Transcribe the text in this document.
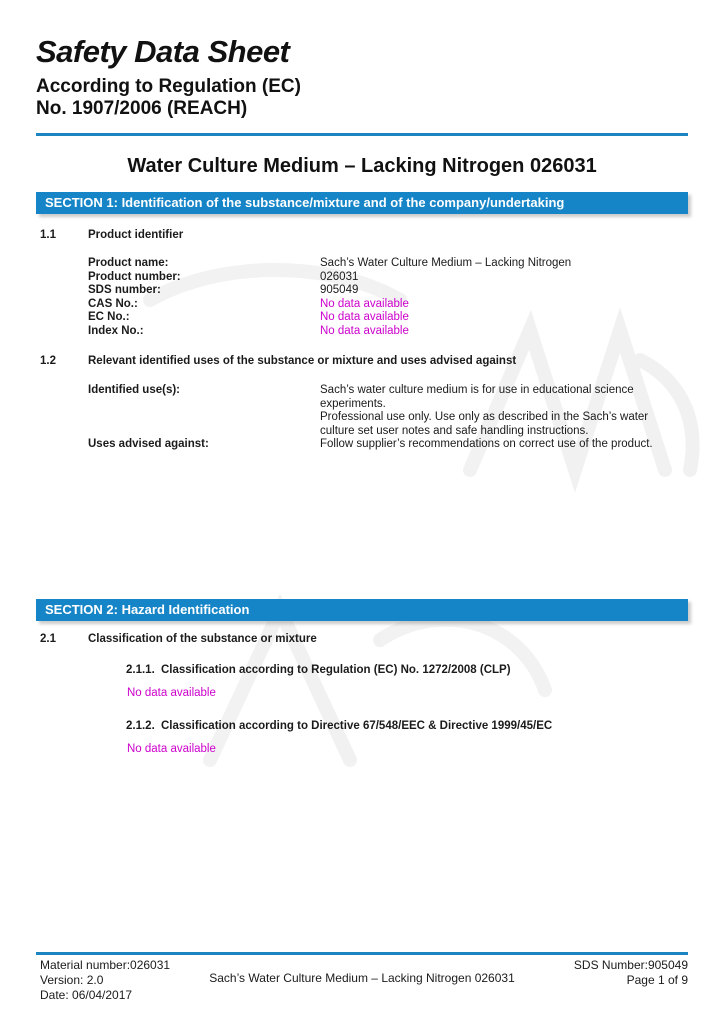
Safety Data Sheet
According to Regulation (EC)
No. 1907/2006 (REACH)
Water Culture Medium – Lacking Nitrogen 026031
SECTION 1: Identification of the substance/mixture and of the company/undertaking
1.1	Product identifier
Product name:	Sach’s Water Culture Medium – Lacking Nitrogen
Product number:	026031
SDS number:	905049
CAS No.:	No data available
EC No.:	No data available
Index No.:	No data available
1.2	Relevant identified uses of the substance or mixture and uses advised against
Identified use(s):	Sach’s water culture medium is for use in educational science
experiments.
Professional use only. Use only as described in the Sach’s water
culture set user notes and safe handling instructions.
Uses advised against:	Follow supplier’s recommendations on correct use of the product.
SECTION 2: Hazard Identification
2.1	Classification of the substance or mixture
2.1.1. Classification according to Regulation (EC) No. 1272/2008 (CLP)
No data available
2.1.2. Classification according to Directive 67/548/EEC & Directive 1999/45/EC
No data available
Material number:026031
Version: 2.0
Date: 06/04/2017
Sach’s Water Culture Medium – Lacking Nitrogen 026031
SDS Number:905049
Page 1 of 9
